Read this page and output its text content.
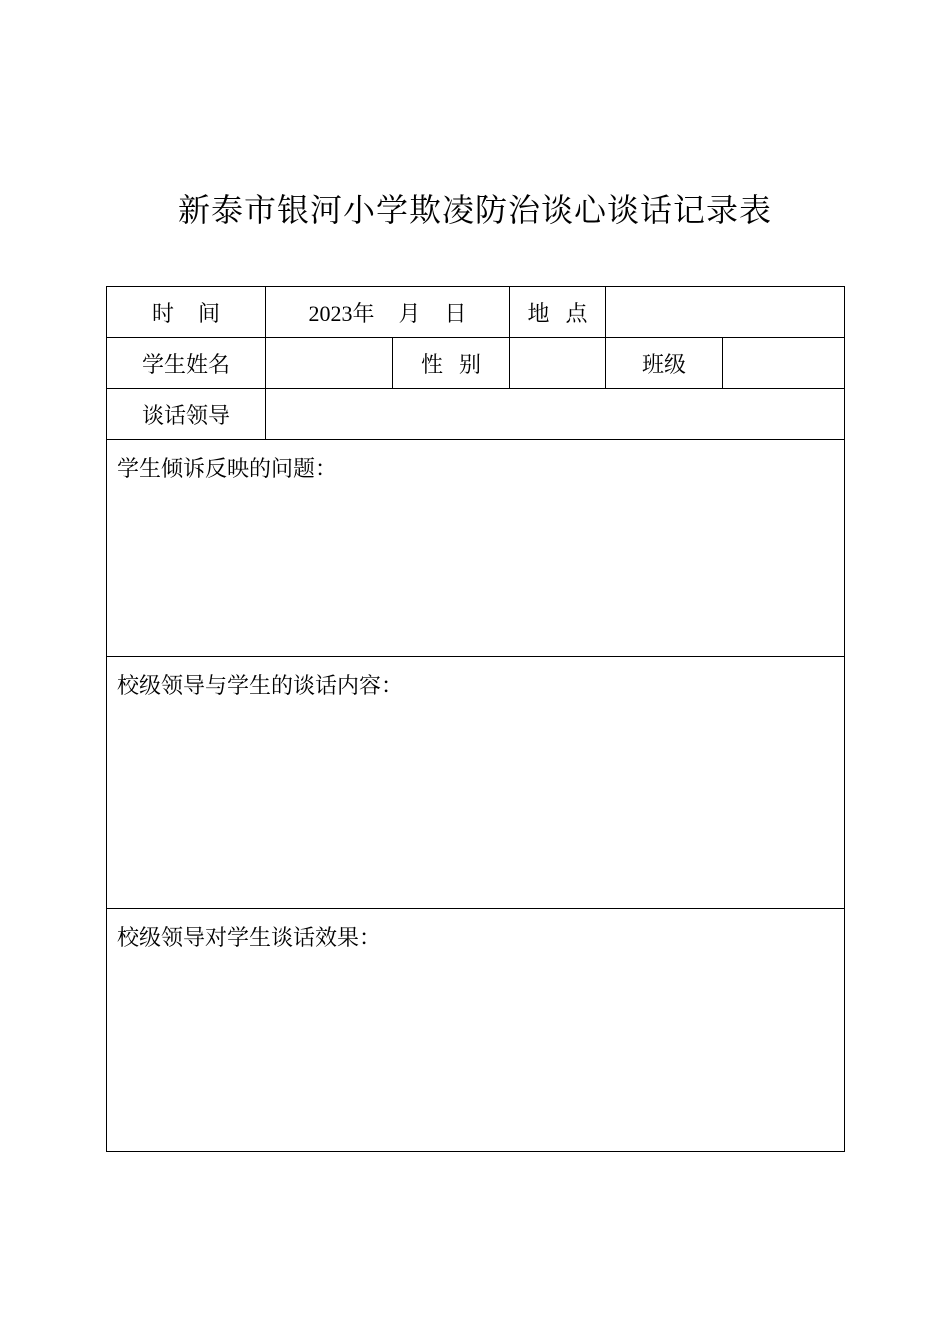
新泰市银河小学欺凌防治谈心谈话记录表
时 间	2023年 月 日		地 点		
学生姓名		性 别		班级	
谈话领导					

学生倾诉反映的问题：					

校级领导与学生的谈话内容：					

校级领导对学生谈话效果：					
